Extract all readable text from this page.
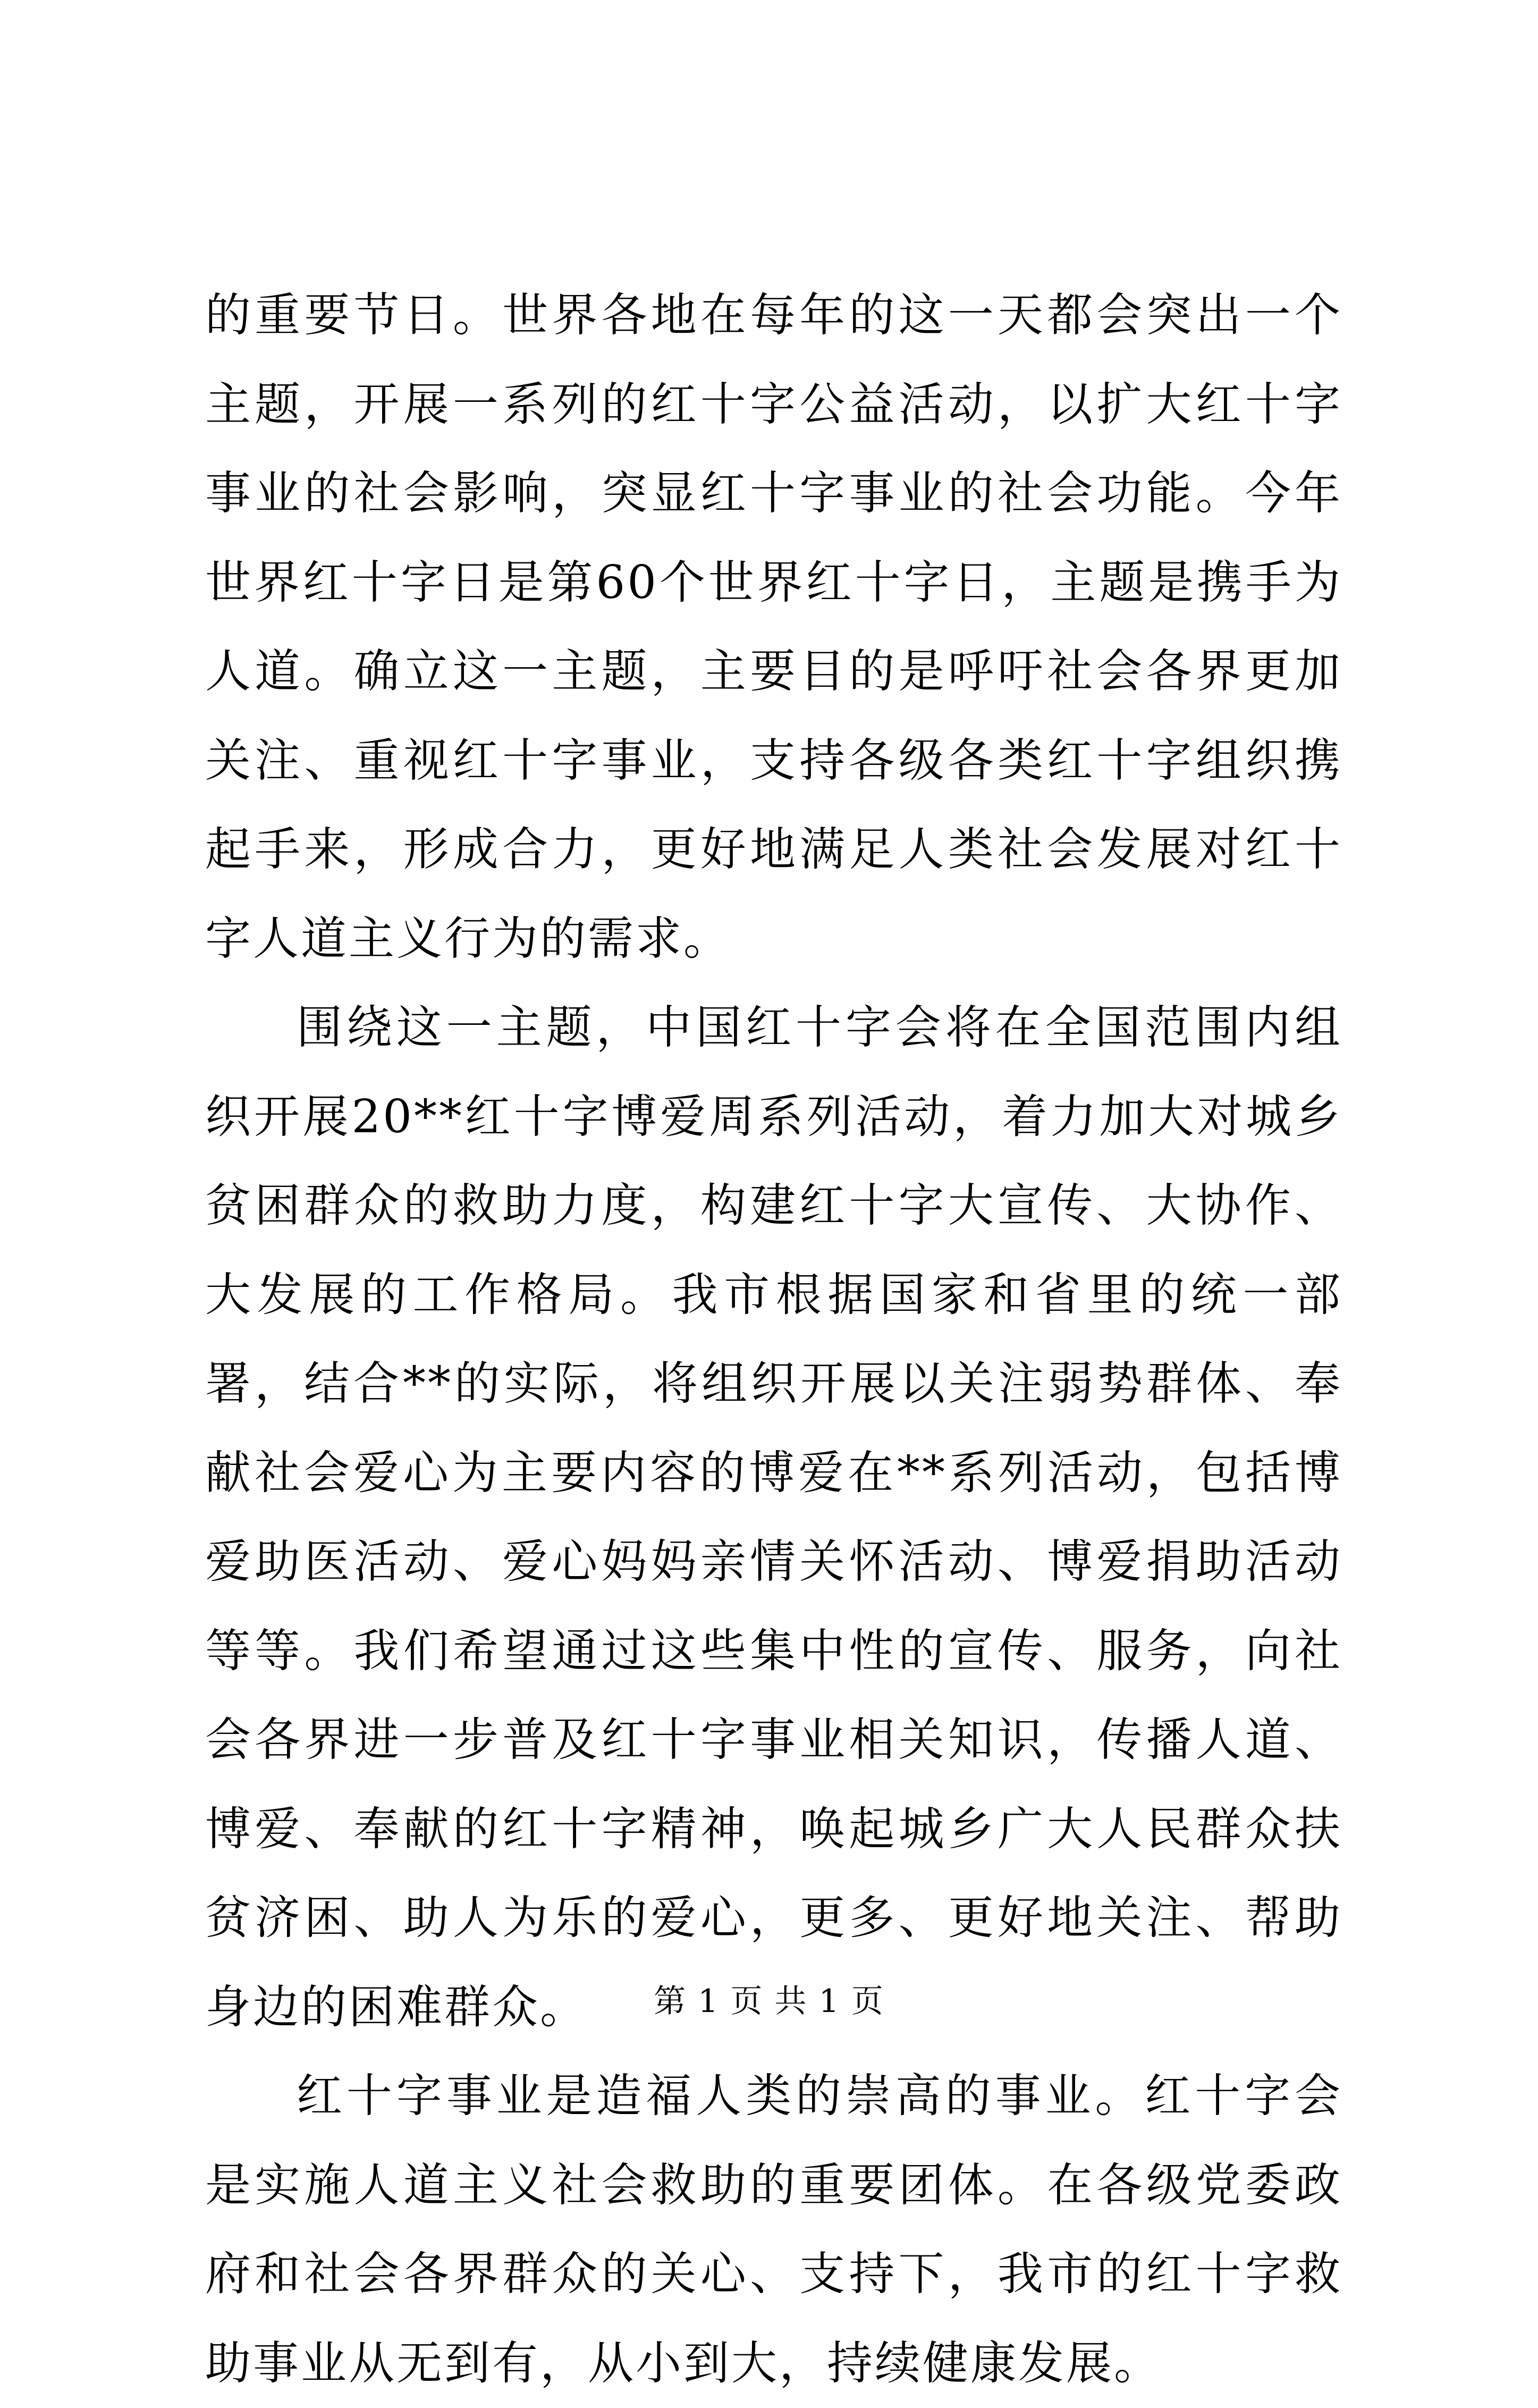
的重要节日。世界各地在每年的这一天都会突出一个主题，开展一系列的红十字公益活动，以扩大红十字事业的社会影响，突显红十字事业的社会功能。今年世界红十字日是第60个世界红十字日，主题是携手为人道。确立这一主题，主要目的是呼吁社会各界更加关注、重视红十字事业，支持各级各类红十字组织携起手来，形成合力，更好地满足人类社会发展对红十字人道主义行为的需求。

围绕这一主题，中国红十字会将在全国范围内组织开展20**红十字博爱周系列活动，着力加大对城乡贫困群众的救助力度，构建红十字大宣传、大协作、大发展的工作格局。我市根据国家和省里的统一部署，结合**的实际，将组织开展以关注弱势群体、奉献社会爱心为主要内容的博爱在**系列活动，包括博爱助医活动、爱心妈妈亲情关怀活动、博爱捐助活动等等。我们希望通过这些集中性的宣传、服务，向社会各界进一步普及红十字事业相关知识，传播人道、博爱、奉献的红十字精神，唤起城乡广大人民群众扶贫济困、助人为乐的爱心，更多、更好地关注、帮助身边的困难群众。

红十字事业是造福人类的崇高的事业。红十字会是实施人道主义社会救助的重要团体。在各级党委政府和社会各界群众的关心、支持下，我市的红十字救助事业从无到有，从小到大，持续健康发展。

第 1 页 共 1 页
